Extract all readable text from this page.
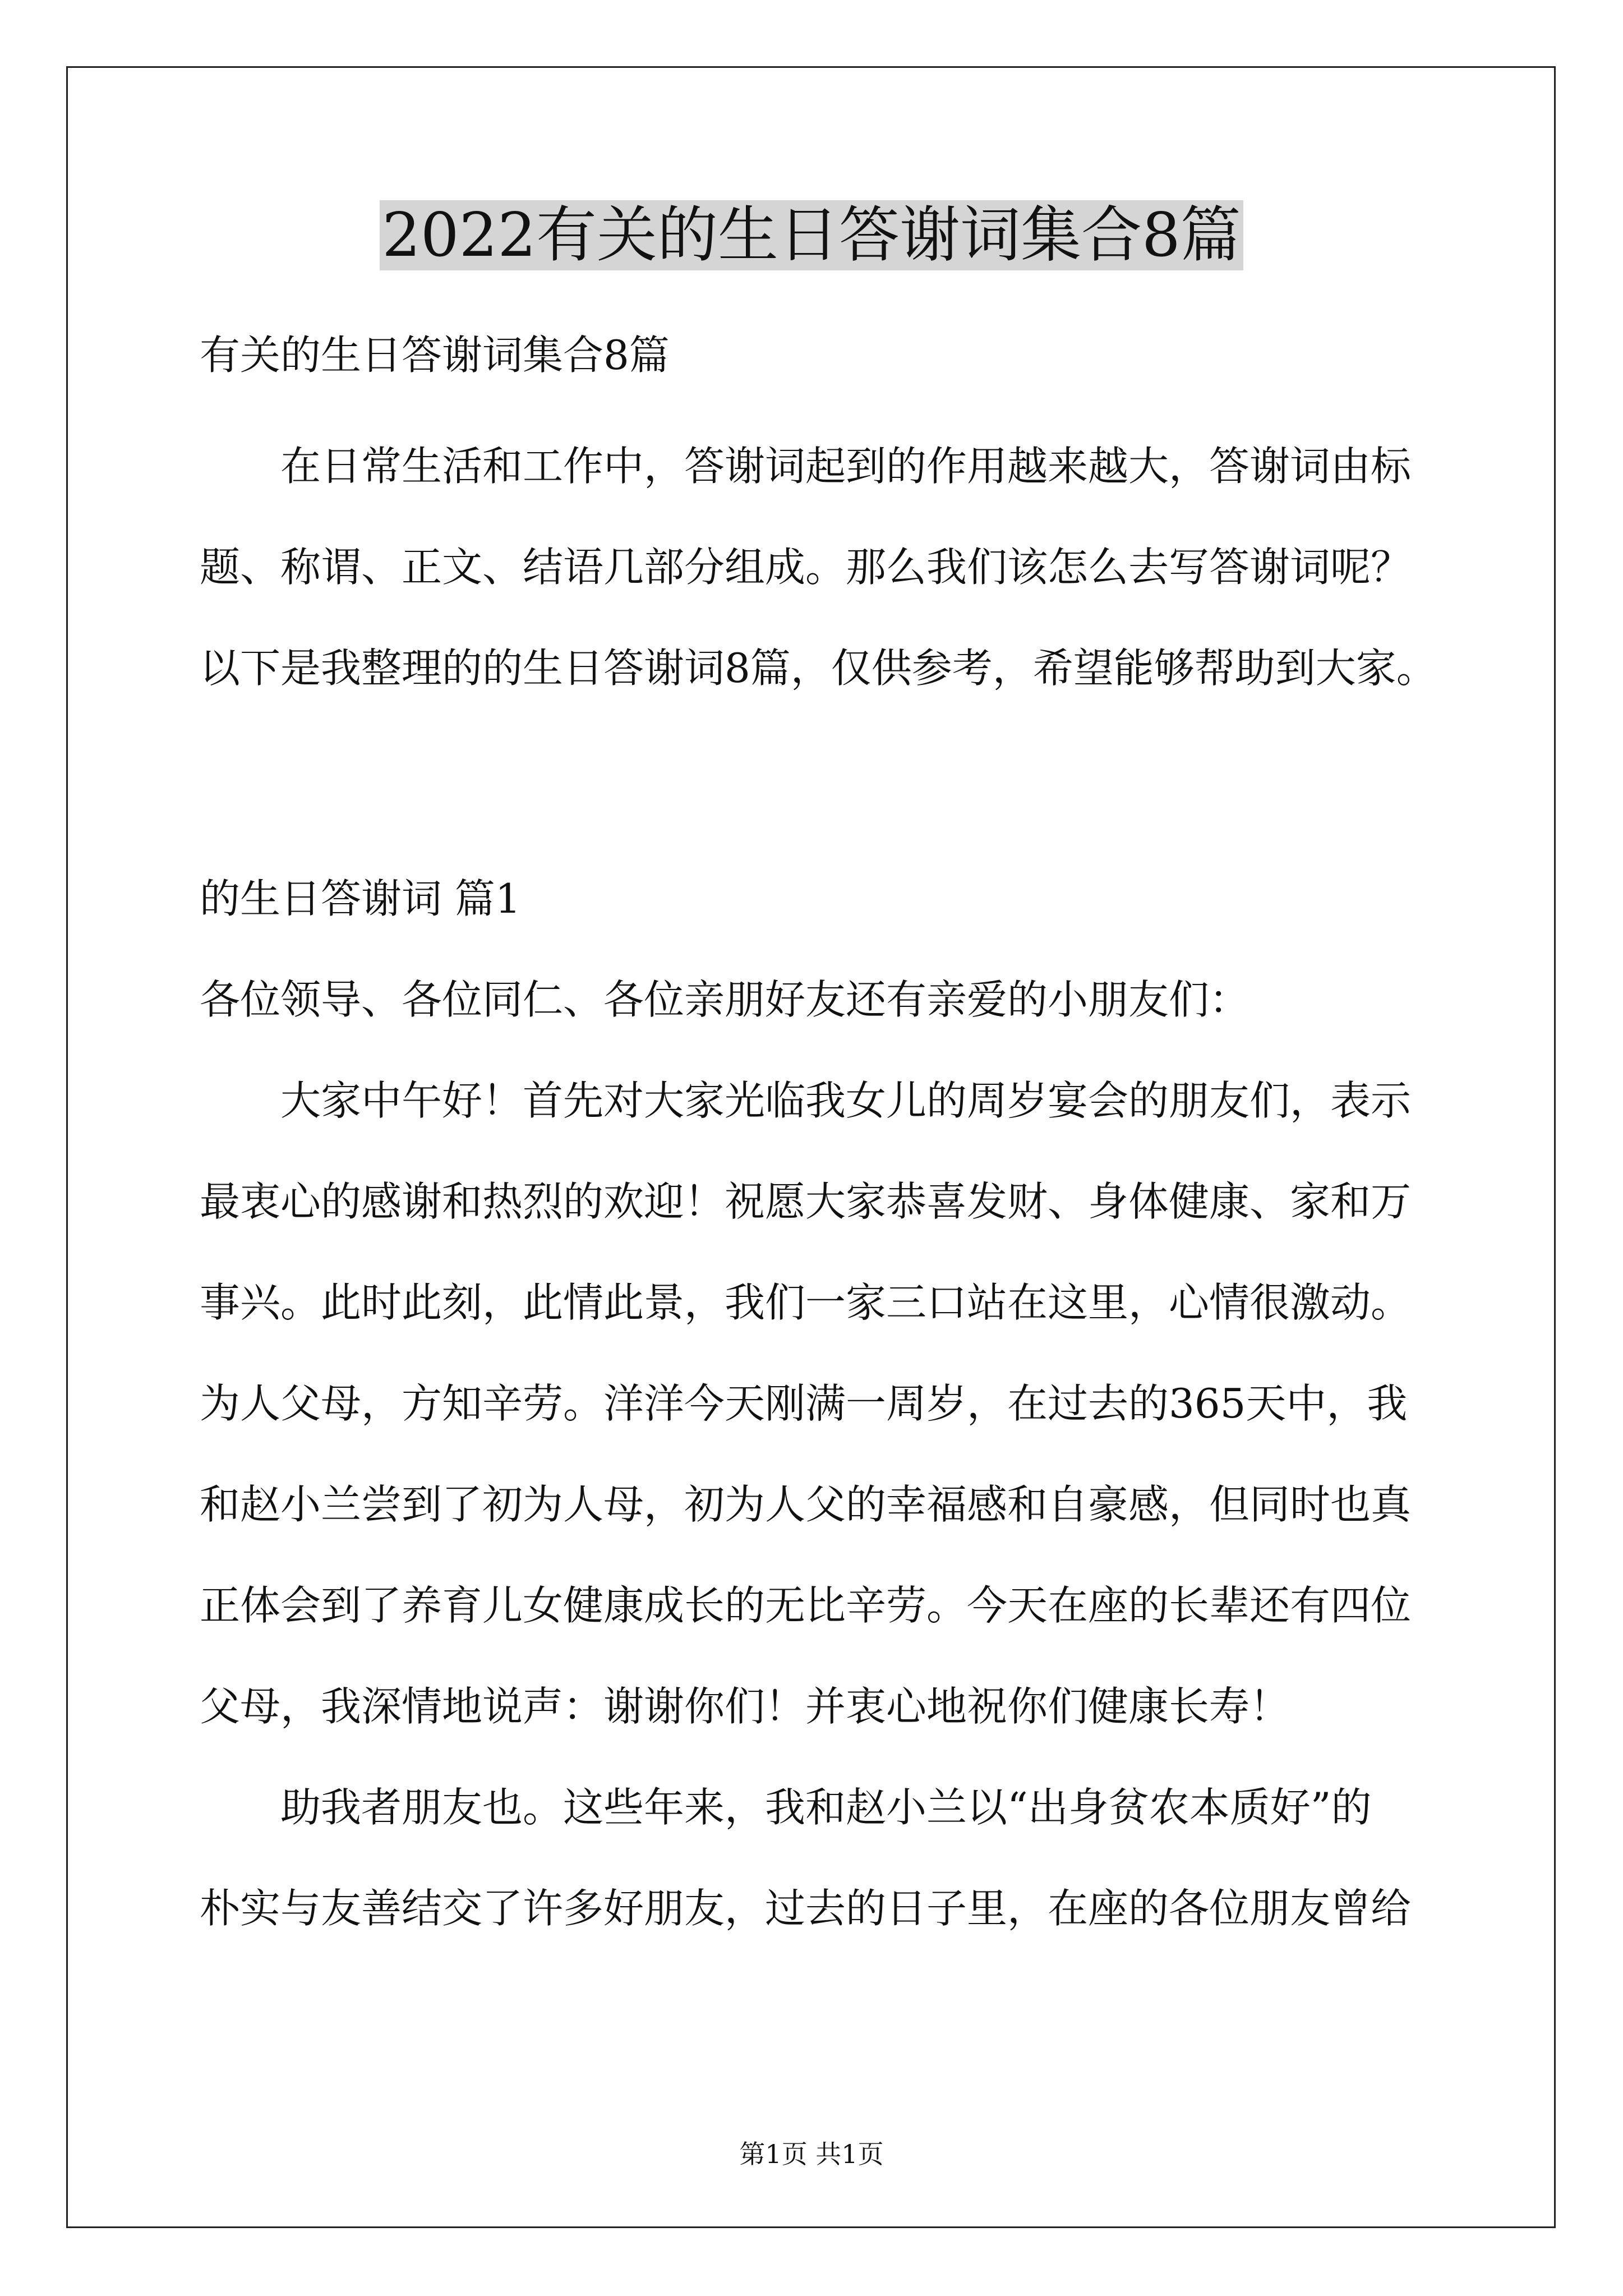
2022有关的生日答谢词集合8篇

有关的生日答谢词集合8篇

在日常生活和工作中，答谢词起到的作用越来越大，答谢词由标

题、称谓、正文、结语几部分组成。那么我们该怎么去写答谢词呢？

以下是我整理的的生日答谢词8篇，仅供参考，希望能够帮助到大家。

的生日答谢词 篇1

各位领导、各位同仁、各位亲朋好友还有亲爱的小朋友们：

大家中午好！首先对大家光临我女儿的周岁宴会的朋友们，表示

最衷心的感谢和热烈的欢迎！祝愿大家恭喜发财、身体健康、家和万

事兴。此时此刻，此情此景，我们一家三口站在这里，心情很激动。

为人父母，方知辛劳。洋洋今天刚满一周岁，在过去的365天中，我

和赵小兰尝到了初为人母，初为人父的幸福感和自豪感，但同时也真

正体会到了养育儿女健康成长的无比辛劳。今天在座的长辈还有四位

父母，我深情地说声：谢谢你们！并衷心地祝你们健康长寿！

助我者朋友也。这些年来，我和赵小兰以“出身贫农本质好”的

朴实与友善结交了许多好朋友，过去的日子里，在座的各位朋友曾给

第1页 共1页
